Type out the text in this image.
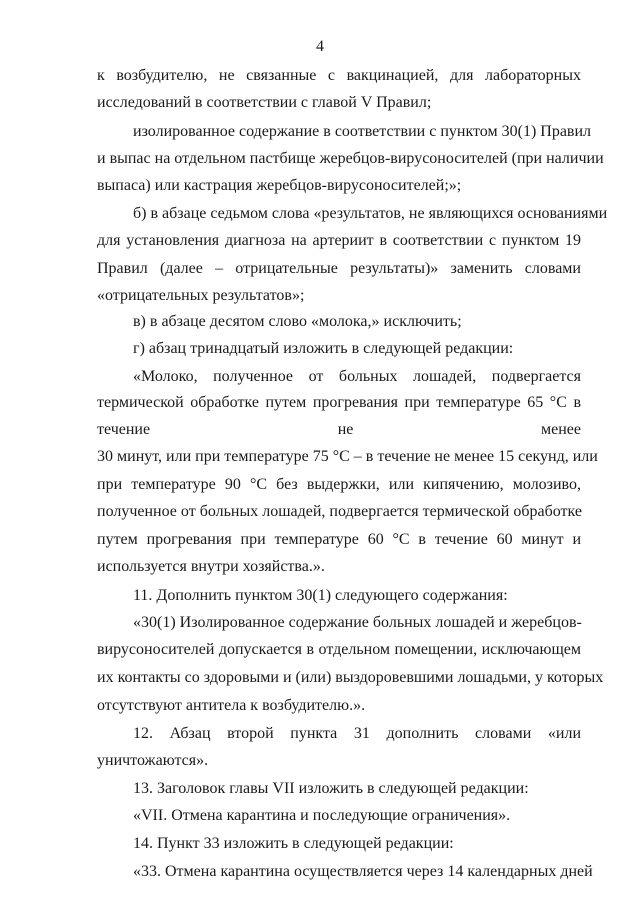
4
к возбудителю, не связанные с вакцинацией, для лабораторных
исследований в соответствии с главой V Правил;
изолированное содержание в соответствии с пунктом 30(1) Правил
и выпас на отдельном пастбище жеребцов-вирусоносителей (при наличии
выпаса) или кастрация жеребцов-вирусоносителей;»;
б) в абзаце седьмом слова «результатов, не являющихся основаниями
для установления диагноза на артериит в соответствии с пунктом 19
Правил (далее – отрицательные результаты)» заменить словами
«отрицательных результатов»;
в) в абзаце десятом слово «молока,» исключить;
г) абзац тринадцатый изложить в следующей редакции:
«Молоко, полученное от больных лошадей, подвергается
термической обработке путем прогревания при температуре 65 °C в
течение не менее
30 минут, или при температуре 75 °C – в течение не менее 15 секунд, или
при температуре 90 °C без выдержки, или кипячению, молозиво,
полученное от больных лошадей, подвергается термической обработке
путем прогревания при температуре 60 °C в течение 60 минут и
используется внутри хозяйства.».
11. Дополнить пунктом 30(1) следующего содержания:
«30(1) Изолированное содержание больных лошадей и жеребцов-
вирусоносителей допускается в отдельном помещении, исключающем
их контакты со здоровыми и (или) выздоровевшими лошадьми, у которых
отсутствуют антитела к возбудителю.».
12. Абзац второй пункта 31 дополнить словами «или
уничтожаются».
13. Заголовок главы VII изложить в следующей редакции:
«VII. Отмена карантина и последующие ограничения».
14. Пункт 33 изложить в следующей редакции:
«33. Отмена карантина осуществляется через 14 календарных дней
